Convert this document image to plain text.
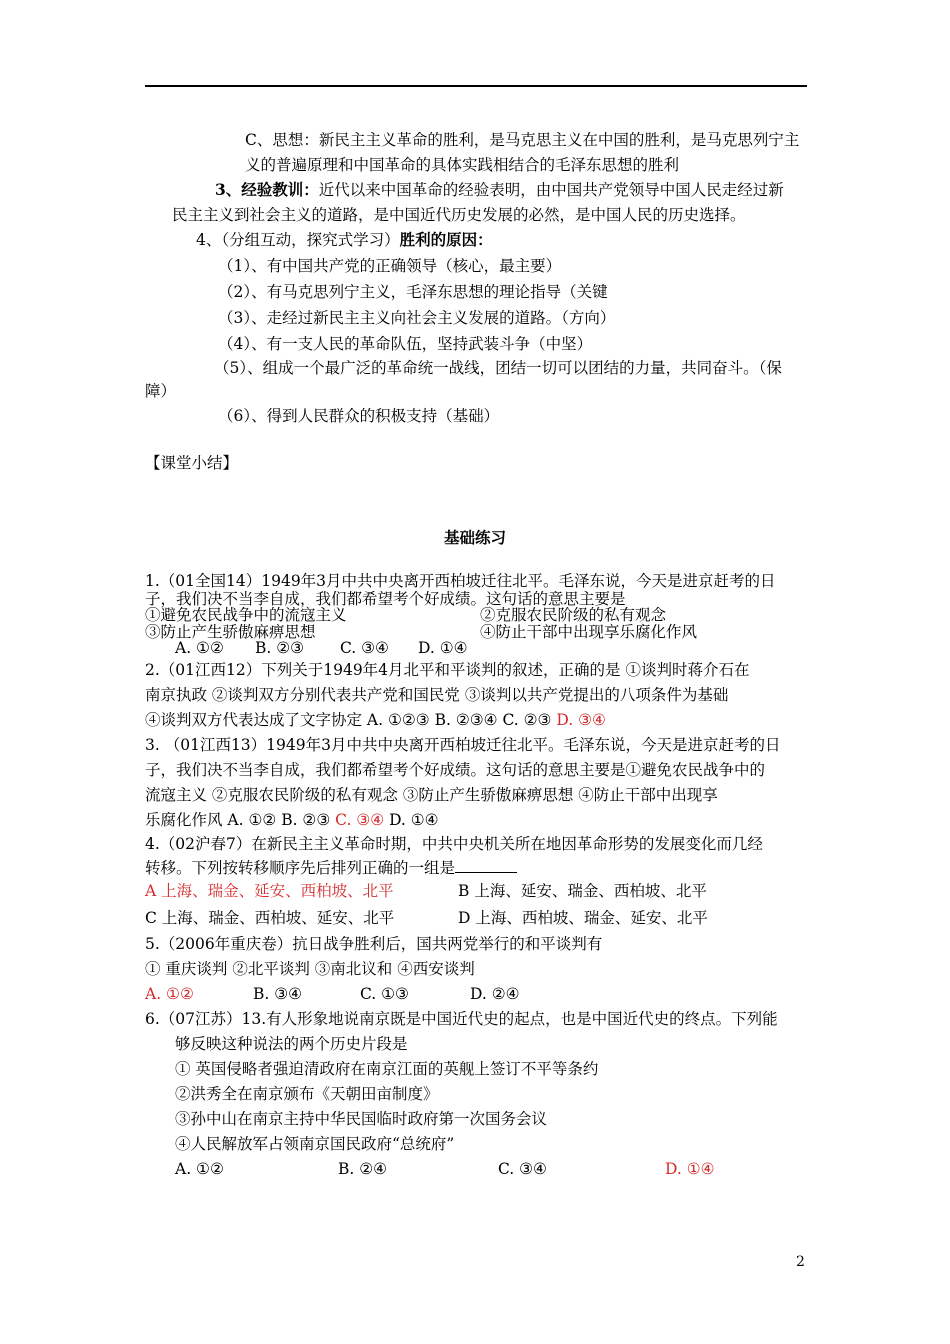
C、思想：新民主主义革命的胜利，是马克思主义在中国的胜利，是马克思列宁主
义的普遍原理和中国革命的具体实践相结合的毛泽东思想的胜利
3、经验教训：近代以来中国革命的经验表明，由中国共产党领导中国人民走经过新
民主主义到社会主义的道路，是中国近代历史发展的必然，是中国人民的历史选择。
4、（分组互动，探究式学习）胜利的原因：
（1）、有中国共产党的正确领导（核心，最主要）
（2）、有马克思列宁主义，毛泽东思想的理论指导（关键
（3）、走经过新民主主义向社会主义发展的道路。（方向）
（4）、有一支人民的革命队伍，坚持武装斗争（中坚）
（5）、组成一个最广泛的革命统一战线，团结一切可以团结的力量，共同奋斗。（保
障）
（6）、得到人民群众的积极支持（基础）
【课堂小结】
基础练习
1.（01全国14）1949年3月中共中央离开西柏坡迁往北平。毛泽东说，今天是进京赶考的日
子，我们决不当李自成，我们都希望考个好成绩。这句话的意思主要是
①避免农民战争中的流寇主义	②克服农民阶级的私有观念
③防止产生骄傲麻痹思想	④防止干部中出现享乐腐化作风
A. ①② B. ②③ C. ③④ D. ①④
2.（01江西12）下列关于1949年4月北平和平谈判的叙述，正确的是 ①谈判时蒋介石在
南京执政 ②谈判双方分别代表共产党和国民党 ③谈判以共产党提出的八项条件为基础
④谈判双方代表达成了文字协定 A. ①②③ B. ②③④ C. ②③ D. ③④
3. （01江西13）1949年3月中共中央离开西柏坡迁往北平。毛泽东说，今天是进京赶考的日
子，我们决不当李自成，我们都希望考个好成绩。这句话的意思主要是①避免农民战争中的
流寇主义 ②克服农民阶级的私有观念 ③防止产生骄傲麻痹思想 ④防止干部中出现享
乐腐化作风 A. ①② B. ②③ C. ③④ D. ①④
4.（02沪春7）在新民主主义革命时期，中共中央机关所在地因革命形势的发展变化而几经
转移。下列按转移顺序先后排列正确的一组是
A 上海、瑞金、延安、西柏坡、北平	B 上海、延安、瑞金、西柏坡、北平
C 上海、瑞金、西柏坡、延安、北平	D 上海、西柏坡、瑞金、延安、北平
5.（2006年重庆卷）抗日战争胜利后，国共两党举行的和平谈判有
① 重庆谈判 ②北平谈判 ③南北议和 ④西安谈判
A. ①②	B. ③④	C. ①③	D. ②④
6.（07江苏）13.有人形象地说南京既是中国近代史的起点，也是中国近代史的终点。下列能
够反映这种说法的两个历史片段是
① 英国侵略者强迫清政府在南京江面的英舰上签订不平等条约
②洪秀全在南京颁布《天朝田亩制度》
③孙中山在南京主持中华民国临时政府第一次国务会议
④人民解放军占领南京国民政府“总统府”
A. ①②	B. ②④	C. ③④	D. ①④
2
